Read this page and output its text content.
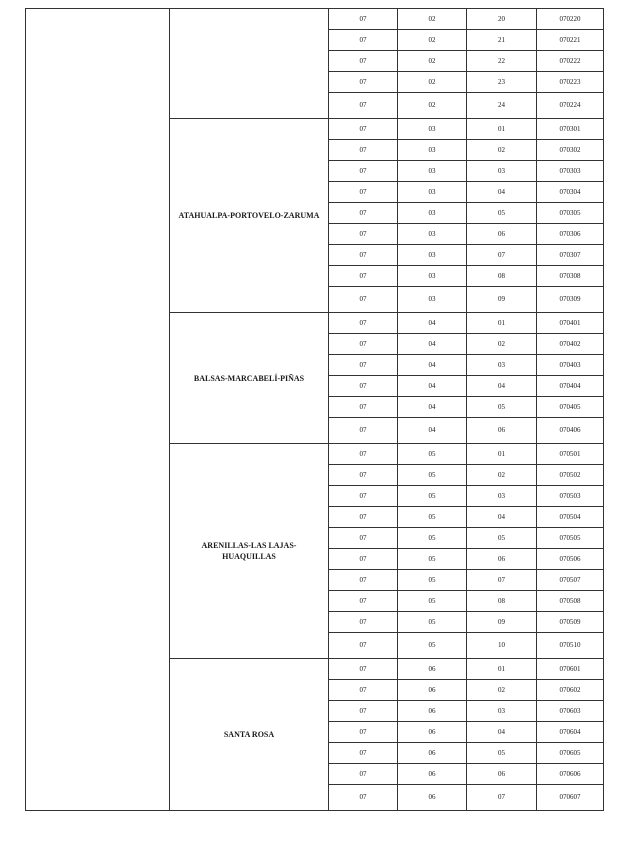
		07	02	20	070220
		07	02	21	070221
		07	02	22	070222
		07	02	23	070223
		07	02	24	070224
	ATAHUALPA-PORTOVELO-ZARUMA	07	03	01	070301
		07	03	02	070302
		07	03	03	070303
		07	03	04	070304
		07	03	05	070305
		07	03	06	070306
		07	03	07	070307
		07	03	08	070308
		07	03	09	070309
	BALSAS-MARCABELÍ-PIÑAS	07	04	01	070401
		07	04	02	070402
		07	04	03	070403
		07	04	04	070404
		07	04	05	070405
		07	04	06	070406
	ARENILLAS-LAS LAJAS-HUAQUILLAS	07	05	01	070501
		07	05	02	070502
		07	05	03	070503
		07	05	04	070504
		07	05	05	070505
		07	05	06	070506
		07	05	07	070507
		07	05	08	070508
		07	05	09	070509
		07	05	10	070510
	SANTA ROSA	07	06	01	070601
		07	06	02	070602
		07	06	03	070603
		07	06	04	070604
		07	06	05	070605
		07	06	06	070606
		07	06	07	070607
